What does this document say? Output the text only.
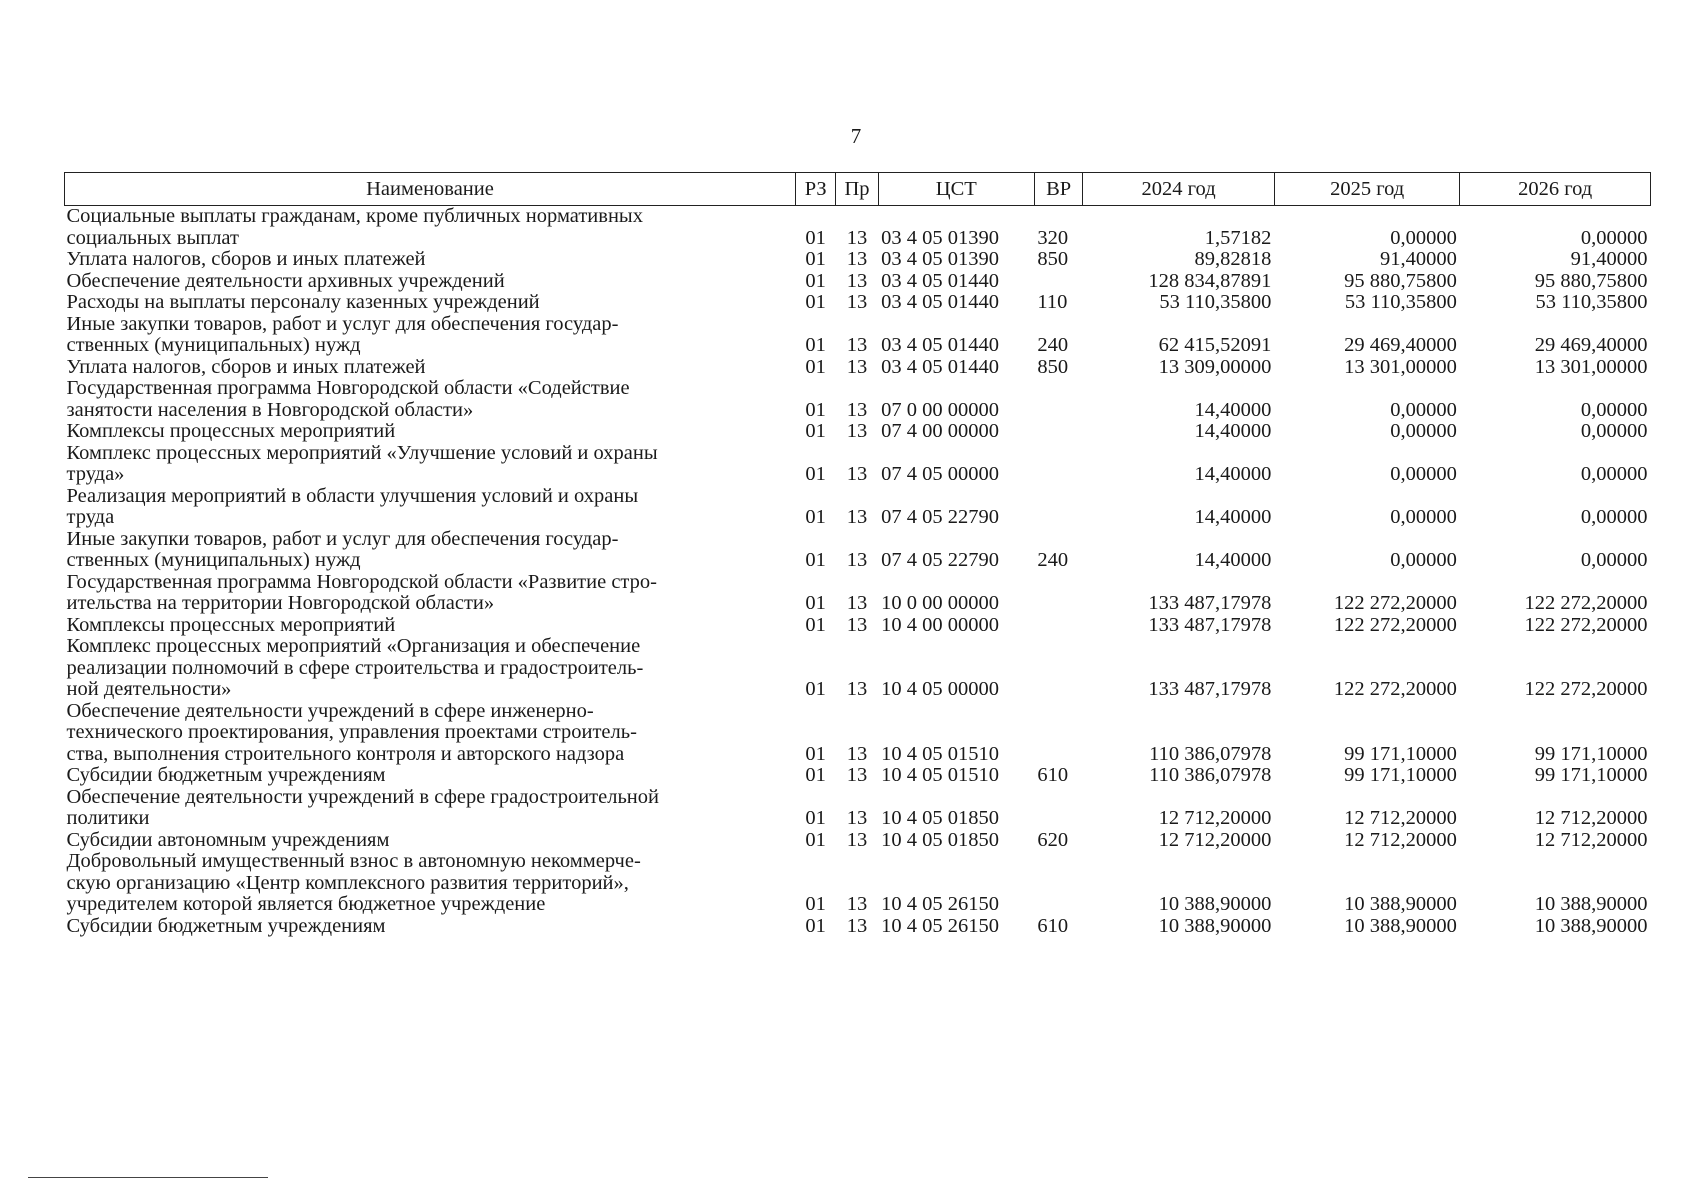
7
Наименование	РЗ	Пр	ЦСТ	ВР	2024 год	2025 год	2026 год

Социальные выплаты гражданам, кроме публичных нормативных
социальных выплат	01	13	03 4 05 01390	320	1,57182	0,00000	0,00000

Уплата налогов, сборов и иных платежей	01	13	03 4 05 01390	850	89,82818	91,40000	91,40000

Обеспечение деятельности архивных учреждений	01	13	03 4 05 01440		128 834,87891	95 880,75800	95 880,75800

Расходы на выплаты персоналу казенных учреждений	01	13	03 4 05 01440	110	53 110,35800	53 110,35800	53 110,35800

Иные закупки товаров, работ и услуг для обеспечения государ-
ственных (муниципальных) нужд	01	13	03 4 05 01440	240	62 415,52091	29 469,40000	29 469,40000

Уплата налогов, сборов и иных платежей	01	13	03 4 05 01440	850	13 309,00000	13 301,00000	13 301,00000

Государственная программа Новгородской области «Содействие
занятости населения в Новгородской области»	01	13	07 0 00 00000		14,40000	0,00000	0,00000

Комплексы процессных мероприятий	01	13	07 4 00 00000		14,40000	0,00000	0,00000

Комплекс процессных мероприятий «Улучшение условий и охраны
труда»	01	13	07 4 05 00000		14,40000	0,00000	0,00000

Реализация мероприятий в области улучшения условий и охраны
труда	01	13	07 4 05 22790		14,40000	0,00000	0,00000

Иные закупки товаров, работ и услуг для обеспечения государ-
ственных (муниципальных) нужд	01	13	07 4 05 22790	240	14,40000	0,00000	0,00000

Государственная программа Новгородской области «Развитие стро-
ительства на территории Новгородской области»	01	13	10 0 00 00000		133 487,17978	122 272,20000	122 272,20000

Комплексы процессных мероприятий	01	13	10 4 00 00000		133 487,17978	122 272,20000	122 272,20000

Комплекс процессных мероприятий «Организация и обеспечение
реализации полномочий в сфере строительства и градостроитель-
ной деятельности»	01	13	10 4 05 00000		133 487,17978	122 272,20000	122 272,20000

Обеспечение деятельности учреждений в сфере инженерно-
технического проектирования, управления проектами строитель-
ства, выполнения строительного контроля и авторского надзора	01	13	10 4 05 01510		110 386,07978	99 171,10000	99 171,10000

Субсидии бюджетным учреждениям	01	13	10 4 05 01510	610	110 386,07978	99 171,10000	99 171,10000

Обеспечение деятельности учреждений в сфере градостроительной
политики	01	13	10 4 05 01850		12 712,20000	12 712,20000	12 712,20000

Субсидии автономным учреждениям	01	13	10 4 05 01850	620	12 712,20000	12 712,20000	12 712,20000

Добровольный имущественный взнос в автономную некоммерче-
скую организацию «Центр комплексного развития территорий»,
учредителем которой является бюджетное учреждение	01	13	10 4 05 26150		10 388,90000	10 388,90000	10 388,90000

Субсидии бюджетным учреждениям	01	13	10 4 05 26150	610	10 388,90000	10 388,90000	10 388,90000
